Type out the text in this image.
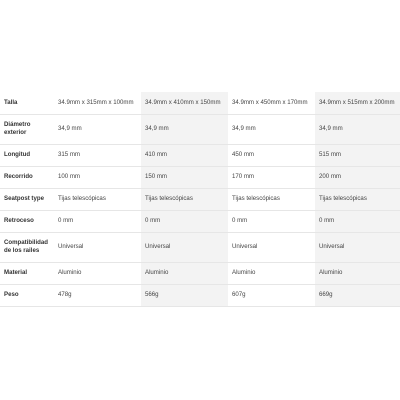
Talla	34.9mm x 315mm x 100mm	34.9mm x 410mm x 150mm	34.9mm x 450mm x 170mm	34.9mm x 515mm x 200mm
Diámetro exterior	34,9 mm	34,9 mm	34,9 mm	34,9 mm
Longitud	315 mm	410 mm	450 mm	515 mm
Recorrido	100 mm	150 mm	170 mm	200 mm
Seatpost type	Tijas telescópicas	Tijas telescópicas	Tijas telescópicas	Tijas telescópicas
Retroceso	0 mm	0 mm	0 mm	0 mm
Compatibilidad de los railes	Universal	Universal	Universal	Universal
Material	Aluminio	Aluminio	Aluminio	Aluminio
Peso	478g	566g	607g	669g
